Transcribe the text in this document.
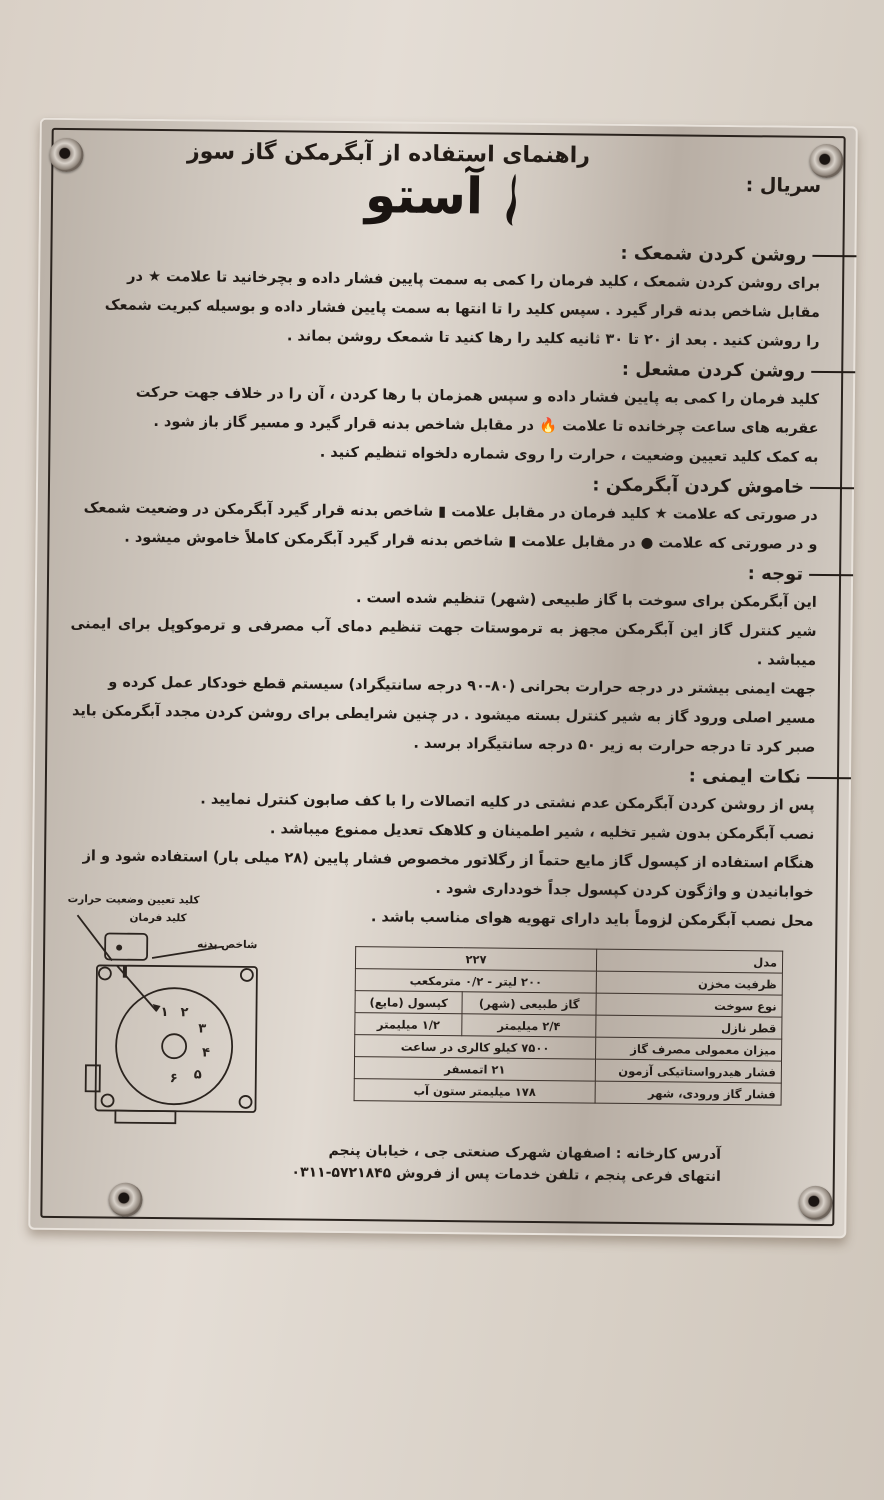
راهنمای استفاده از آبگرمکن گاز سوز
سریال :
آستو
روشن کردن شمعک :
برای روشن کردن شمعک ، کلید فرمان را کمی به سمت پایین فشار داده و بچرخانید تا علامت ★ در
مقابل شاخص بدنه قرار گیرد . سپس کلید را تا انتها به سمت پایین فشار داده و بوسیله کبریت شمعک
را روشن کنید . بعد از ۲۰ تا ۳۰ ثانیه کلید را رها کنید تا شمعک روشن بماند .
روشن کردن مشعل :
کلید فرمان را کمی به پایین فشار داده و سپس همزمان با رها کردن ، آن را در خلاف جهت حرکت
عقربه های ساعت چرخانده تا علامت 🔥 در مقابل شاخص بدنه قرار گیرد و مسیر گاز باز شود .
به کمک کلید تعیین وضعیت ، حرارت را روی شماره دلخواه تنظیم کنید .
خاموش کردن آبگرمکن :
در صورتی که علامت ★ کلید فرمان در مقابل علامت ▮ شاخص بدنه قرار گیرد آبگرمکن در وضعیت شمعک
و در صورتی که علامت ● در مقابل علامت ▮ شاخص بدنه قرار گیرد آبگرمکن کاملاً خاموش میشود .
توجه :
این آبگرمکن برای سوخت با گاز طبیعی (شهر) تنظیم شده است .
شیر کنترل گاز این آبگرمکن مجهز به ترموستات جهت تنظیم دمای آب مصرفی و ترموکوپل برای ایمنی میباشد .
جهت ایمنی بیشتر در درجه حرارت بحرانی (۸۰-۹۰ درجه سانتیگراد) سیستم قطع خودکار عمل کرده و
مسیر اصلی ورود گاز به شیر کنترل بسته میشود . در چنین شرایطی برای روشن کردن مجدد آبگرمکن باید
صبر کرد تا درجه حرارت به زیر ۵۰ درجه سانتیگراد برسد .
نکات ایمنی :
پس از روشن کردن آبگرمکن عدم نشتی در کلیه اتصالات را با کف صابون کنترل نمایید .
نصب آبگرمکن بدون شیر تخلیه ، شیر اطمینان و کلاهک تعدیل ممنوع میباشد .
هنگام استفاده از کپسول گاز مایع حتماً از رگلاتور مخصوص فشار پایین (۲۸ میلی بار) استفاده شود و از
خوابانیدن و واژگون کردن کپسول جداً خودداری شود .
محل نصب آبگرمکن لزوماً باید دارای تهویه هوای مناسب باشد .
۱ ۲
۳
۴
۵
۶
کلید تعیین وضعیت حرارت
کلید فرمان
شاخص بدنه
مدل	۲۲۷	
ظرفیت مخزن	۲۰۰ لیتر - ۰/۲ مترمکعب	
نوع سوخت	گاز طبیعی (شهر)	کپسول (مایع)
قطر نازل	۲/۴ میلیمتر	۱/۲ میلیمتر
میزان معمولی مصرف گاز	۷۵۰۰ کیلو کالری در ساعت	
فشار هیدرواستاتیکی آزمون	۲۱ اتمسفر	
فشار گاز ورودی، شهر	۱۷۸ میلیمتر ستون آب	
آدرس کارخانه : اصفهان شهرک صنعتی جی ، خیابان پنجم
انتهای فرعی پنجم ، تلفن خدمات پس از فروش ۵۷۲۱۸۴۵-۰۳۱۱
